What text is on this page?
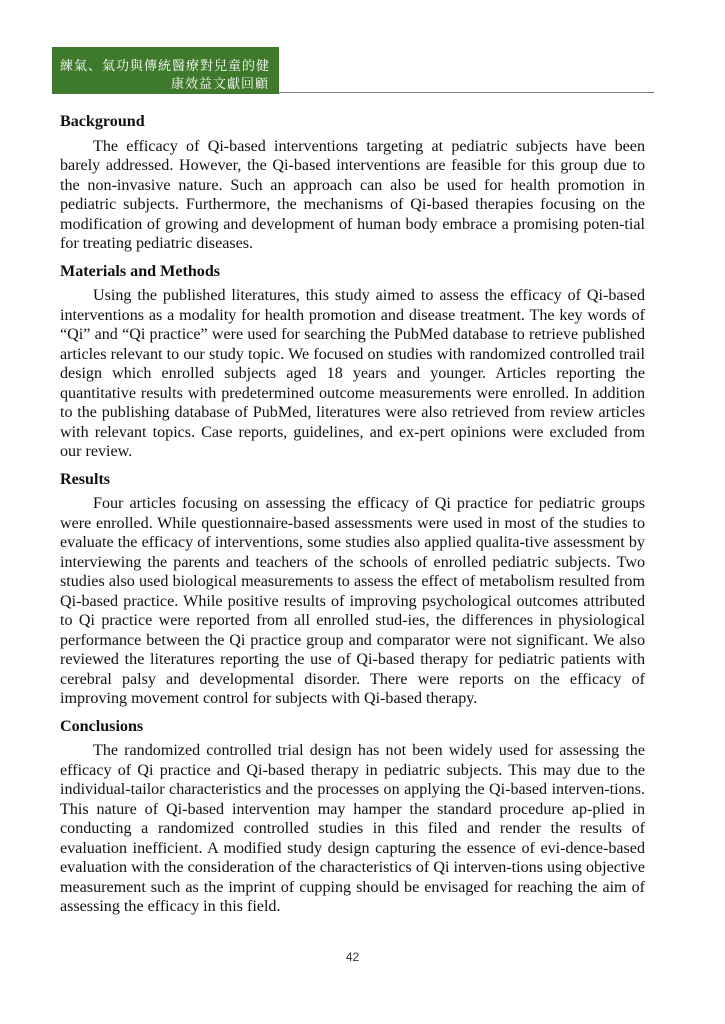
練氣、氣功與傳統醫療對兒童的健
康效益文獻回顧
Background

The efficacy of Qi-based interventions targeting at pediatric subjects have been barely addressed. However, the Qi-based interventions are feasible for this group due to the non-invasive nature. Such an approach can also be used for health promotion in pediatric subjects. Furthermore, the mechanisms of Qi-based therapies focusing on the modification of growing and development of human body embrace a promising poten-tial for treating pediatric diseases.

Materials and Methods

Using the published literatures, this study aimed to assess the efficacy of Qi-based interventions as a modality for health promotion and disease treatment. The key words of “Qi” and “Qi practice” were used for searching the PubMed database to retrieve published articles relevant to our study topic. We focused on studies with randomized controlled trail design which enrolled subjects aged 18 years and younger. Articles reporting the quantitative results with predetermined outcome measurements were enrolled. In addition to the publishing database of PubMed, literatures were also retrieved from review articles with relevant topics. Case reports, guidelines, and ex-pert opinions were excluded from our review.

Results

Four articles focusing on assessing the efficacy of Qi practice for pediatric groups were enrolled. While questionnaire-based assessments were used in most of the studies to evaluate the efficacy of interventions, some studies also applied qualita-tive assessment by interviewing the parents and teachers of the schools of enrolled pediatric subjects. Two studies also used biological measurements to assess the effect of metabolism resulted from Qi-based practice. While positive results of improving psychological outcomes attributed to Qi practice were reported from all enrolled stud-ies, the differences in physiological performance between the Qi practice group and comparator were not significant. We also reviewed the literatures reporting the use of Qi-based therapy for pediatric patients with cerebral palsy and developmental disorder. There were reports on the efficacy of improving movement control for subjects with Qi-based therapy.

Conclusions

The randomized controlled trial design has not been widely used for assessing the efficacy of Qi practice and Qi-based therapy in pediatric subjects. This may due to the individual-tailor characteristics and the processes on applying the Qi-based interven-tions. This nature of Qi-based intervention may hamper the standard procedure ap-plied in conducting a randomized controlled studies in this filed and render the results of evaluation inefficient. A modified study design capturing the essence of evi-dence-based evaluation with the consideration of the characteristics of Qi interven-tions using objective measurement such as the imprint of cupping should be envisaged for reaching the aim of assessing the efficacy in this field.

42
